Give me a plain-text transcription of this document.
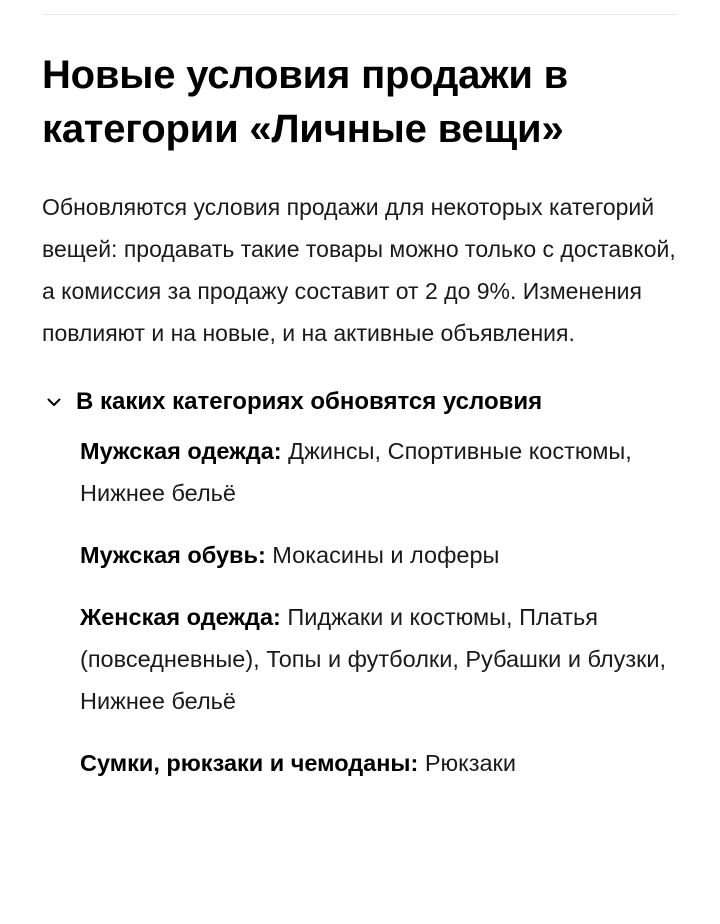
Новые условия продажи в категории «Личные вещи»

Обновляются условия продажи для некоторых категорий вещей: продавать такие товары можно только с доставкой, а комиссия за продажу составит от 2 до 9%. Изменения повлияют и на новые, и на активные объявления.

В каких категориях обновятся условия
Мужская одежда: Джинсы, Спортивные костюмы, Нижнее бельё
Мужская обувь: Мокасины и лоферы
Женская одежда: Пиджаки и костюмы, Платья (повседневные), Топы и футболки, Рубашки и блузки, Нижнее бельё
Сумки, рюкзаки и чемоданы: Рюкзаки
